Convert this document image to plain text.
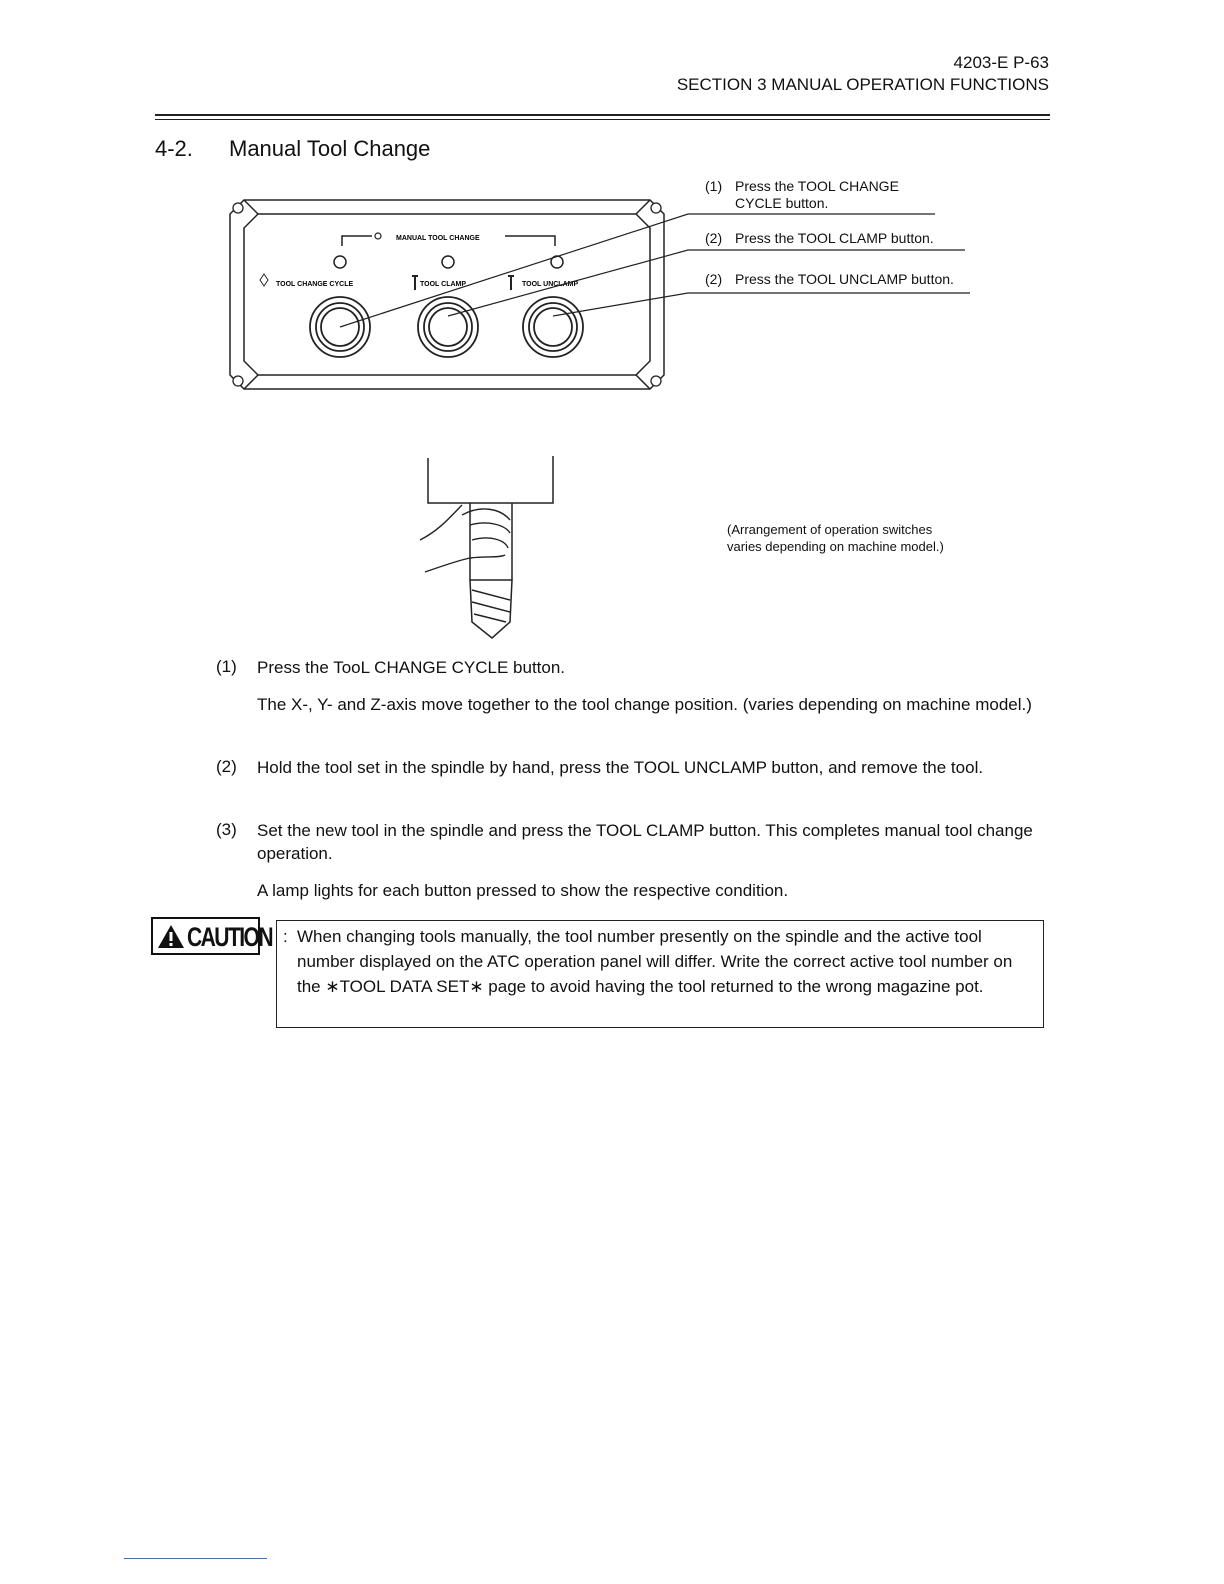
4203-E P-63
SECTION 3 MANUAL OPERATION FUNCTIONS
4-2. Manual Tool Change
MANUAL TOOL CHANGE
TOOL CHANGE CYCLE	TOOL CLAMP	TOOL UNCLAMP
(1) Press the TOOL CHANGE
CYCLE button.
(2) Press the TOOL CLAMP button.
(2) Press the TOOL UNCLAMP button.
(Arrangement of operation switches
varies depending on machine model.)
(1) Press the TooL CHANGE CYCLE button.
The X-, Y- and Z-axis move together to the tool change position. (varies depending on machine model.)
(2) Hold the tool set in the spindle by hand, press the TOOL UNCLAMP button, and remove the tool.
(3) Set the new tool in the spindle and press the TOOL CLAMP button. This completes manual tool change operation.
A lamp lights for each button pressed to show the respective condition.
CAUTION : When changing tools manually, the tool number presently on the spindle and the active tool number displayed on the ATC operation panel will differ. Write the correct active tool number on the ∗TOOL DATA SET∗ page to avoid having the tool returned to the wrong magazine pot.
